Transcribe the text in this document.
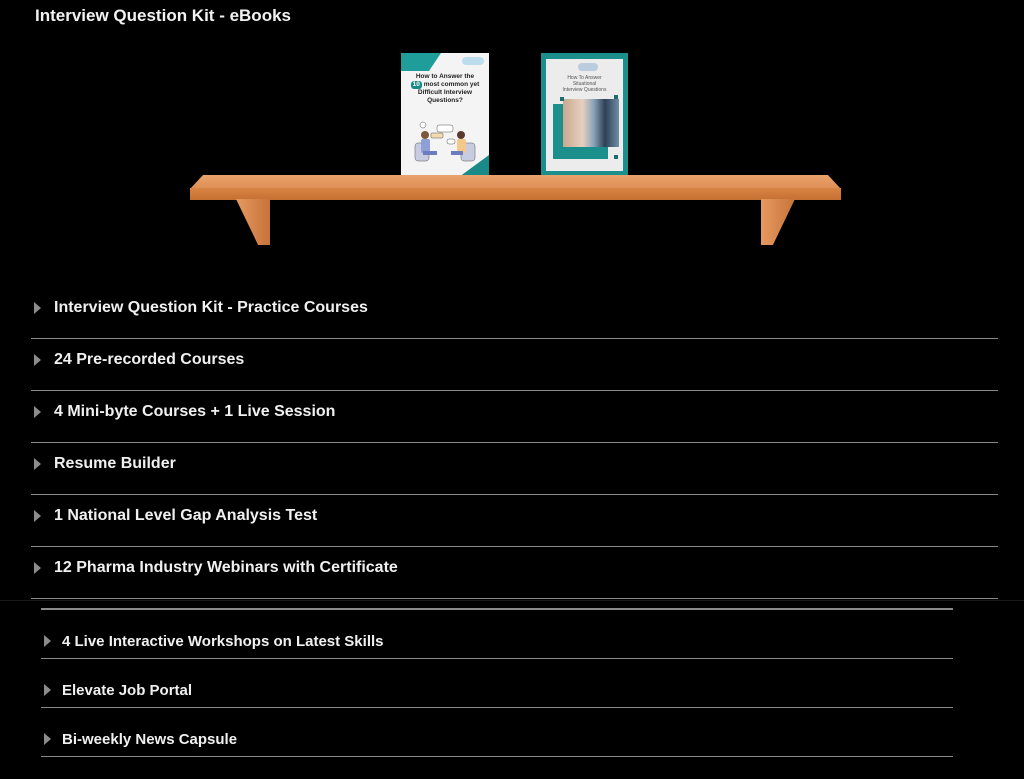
Interview Question Kit - eBooks
How to Answer the
10 most common yet
Difficult Interview
Questions?
How To Answer
Situational
Interview Questions
Interview Question Kit - Practice Courses
24 Pre-recorded Courses
4 Mini-byte Courses + 1 Live Session
Resume Builder
1 National Level Gap Analysis Test
12 Pharma Industry Webinars with Certificate
4 Live Interactive Workshops on Latest Skills
Elevate Job Portal
Bi-weekly News Capsule
